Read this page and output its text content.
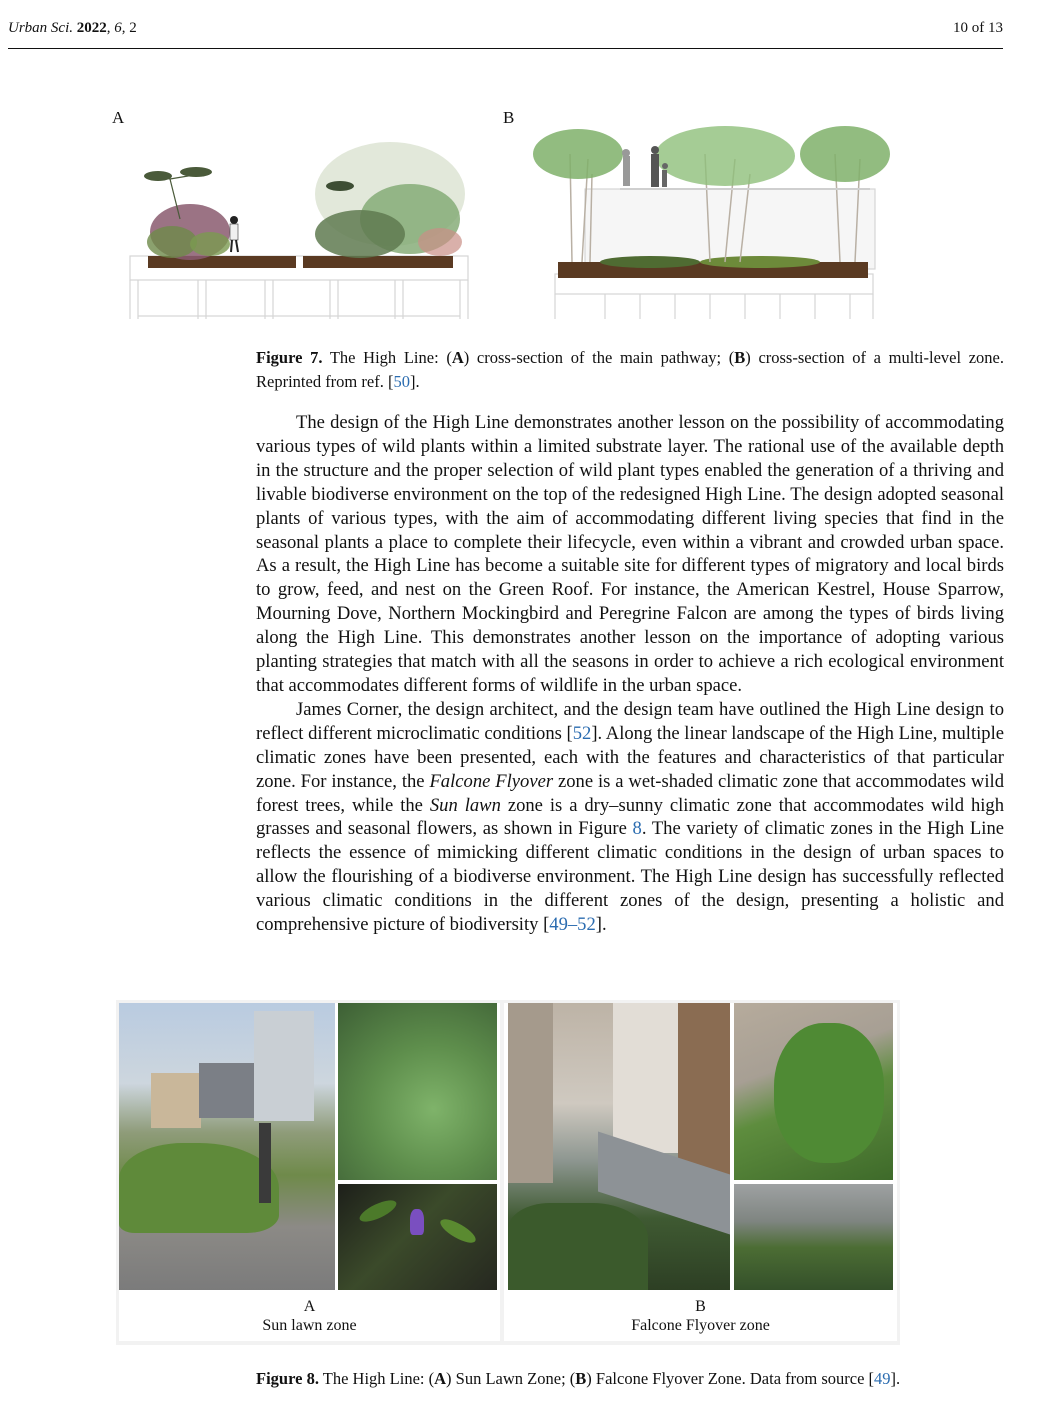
Urban Sci. 2022, 6, 2	10 of 13
A	B
Figure 7. The High Line: (A) cross-section of the main pathway; (B) cross-section of a multi-level zone. Reprinted from ref. [50].

The design of the High Line demonstrates another lesson on the possibility of accommodating various types of wild plants within a limited substrate layer. The rational use of the available depth in the structure and the proper selection of wild plant types enabled the generation of a thriving and livable biodiverse environment on the top of the redesigned High Line. The design adopted seasonal plants of various types, with the aim of accommodating different living species that find in the seasonal plants a place to complete their lifecycle, even within a vibrant and crowded urban space. As a result, the High Line has become a suitable site for different types of migratory and local birds to grow, feed, and nest on the Green Roof. For instance, the American Kestrel, House Sparrow, Mourning Dove, Northern Mockingbird and Peregrine Falcon are among the types of birds living along the High Line. This demonstrates another lesson on the importance of adopting various planting strategies that match with all the seasons in order to achieve a rich ecological environment that accommodates different forms of wildlife in the urban space.

James Corner, the design architect, and the design team have outlined the High Line design to reflect different microclimatic conditions [52]. Along the linear landscape of the High Line, multiple climatic zones have been presented, each with the features and characteristics of that particular zone. For instance, the Falcone Flyover zone is a wet-shaded climatic zone that accommodates wild forest trees, while the Sun lawn zone is a dry–sunny climatic zone that accommodates wild high grasses and seasonal flowers, as shown in Figure 8. The variety of climatic zones in the High Line reflects the essence of mimicking different climatic conditions in the design of urban spaces to allow the flourishing of a biodiverse environment. The High Line design has successfully reflected various climatic conditions in the different zones of the design, presenting a holistic and comprehensive picture of biodiversity [49–52].

A
Sun lawn zone
B
Falcone Flyover zone
Figure 8. The High Line: (A) Sun Lawn Zone; (B) Falcone Flyover Zone. Data from source [49].
